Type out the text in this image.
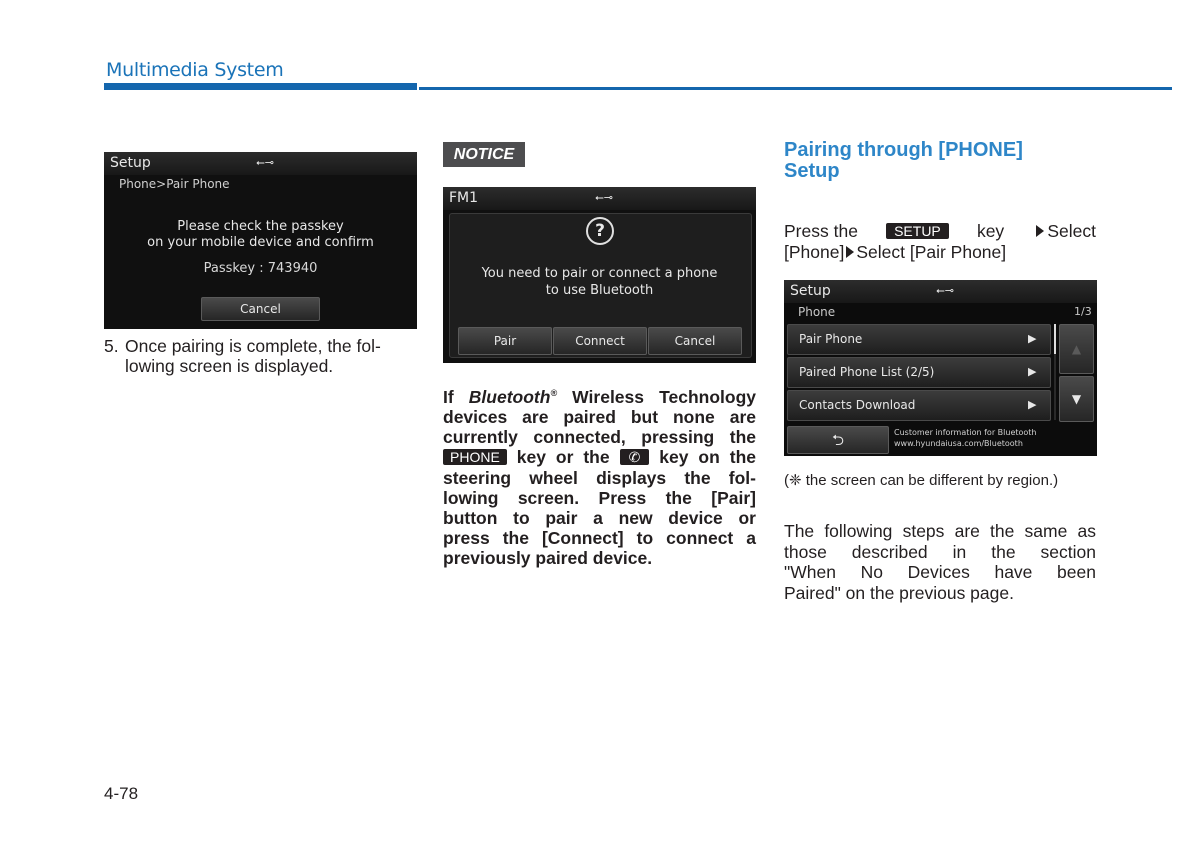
Multimedia System
Setup	⭠⊸
Phone>Pair Phone
Please check the passkey
on your mobile device and confirm
Passkey : 743940
Cancel
5. Once pairing is complete, the fol-
lowing screen is displayed.
NOTICE
FM1	⭠⊸
?
You need to pair or connect a phone
to use Bluetooth
Pair	Connect	Cancel
If Bluetooth® Wireless Technology
devices are paired but none are
currently connected, pressing the
PHONE key or the ✆ key on the
steering wheel displays the fol-
lowing screen. Press the [Pair]
button to pair a new device or
press the [Connect] to connect a
previously paired device.
Pairing through [PHONE]
Setup
Press the	SETUP	key	Select
[Phone] Select [Pair Phone]
Setup	⭠⊸
Phone	1/3
Pair Phone	▶
Paired Phone List (2/5)	▶
Contacts Download	▶
▲
▼
⮌	Customer information for Bluetooth
www.hyundaiusa.com/Bluetooth
(❈ the screen can be different by region.)
The following steps are the same as
those described in the section
"When No Devices have been
Paired" on the previous page.
4-78
